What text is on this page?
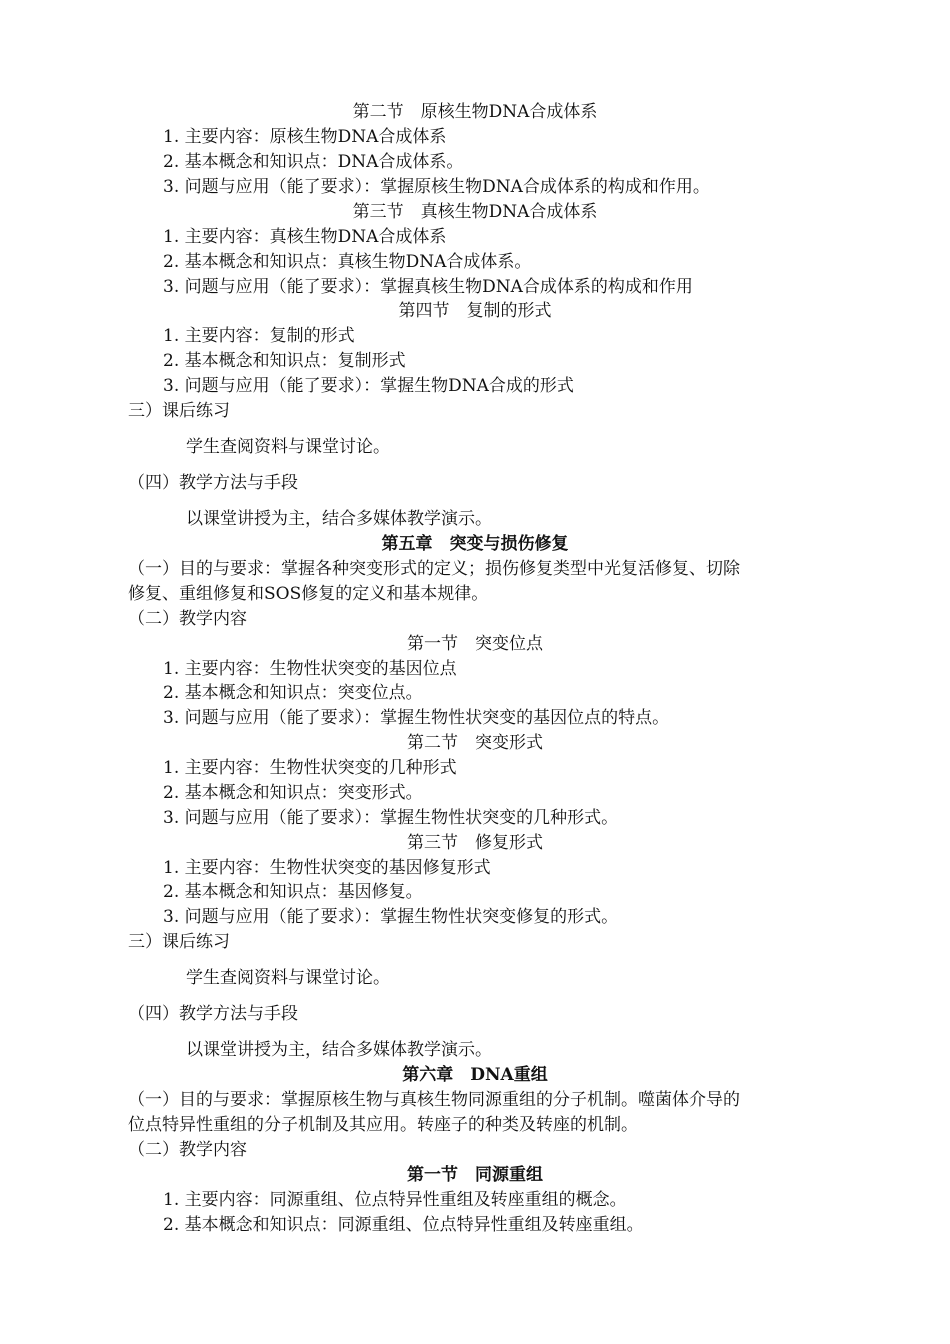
第二节　原核生物DNA合成体系
1. 主要内容：原核生物DNA合成体系
2. 基本概念和知识点：DNA合成体系。
3. 问题与应用（能了要求）：掌握原核生物DNA合成体系的构成和作用。
第三节　真核生物DNA合成体系
1. 主要内容：真核生物DNA合成体系
2. 基本概念和知识点：真核生物DNA合成体系。
3. 问题与应用（能了要求）：掌握真核生物DNA合成体系的构成和作用
第四节　复制的形式
1. 主要内容：复制的形式
2. 基本概念和知识点：复制形式
3. 问题与应用（能了要求）：掌握生物DNA合成的形式
三）课后练习
学生查阅资料与课堂讨论。
（四）教学方法与手段
以课堂讲授为主，结合多媒体教学演示。
第五章　突变与损伤修复
（一）目的与要求：掌握各种突变形式的定义；损伤修复类型中光复活修复、切除
修复、重组修复和SOS修复的定义和基本规律。
（二）教学内容
第一节　突变位点
1. 主要内容：生物性状突变的基因位点
2. 基本概念和知识点：突变位点。
3. 问题与应用（能了要求）：掌握生物性状突变的基因位点的特点。
第二节　突变形式
1. 主要内容：生物性状突变的几种形式
2. 基本概念和知识点：突变形式。
3. 问题与应用（能了要求）：掌握生物性状突变的几种形式。
第三节　修复形式
1. 主要内容：生物性状突变的基因修复形式
2. 基本概念和知识点：基因修复。
3. 问题与应用（能了要求）：掌握生物性状突变修复的形式。
三）课后练习
学生查阅资料与课堂讨论。
（四）教学方法与手段
以课堂讲授为主，结合多媒体教学演示。
第六章　DNA重组
（一）目的与要求：掌握原核生物与真核生物同源重组的分子机制。噬菌体介导的
位点特异性重组的分子机制及其应用。转座子的种类及转座的机制。
（二）教学内容
第一节　同源重组
1. 主要内容：同源重组、位点特异性重组及转座重组的概念。
2. 基本概念和知识点：同源重组、位点特异性重组及转座重组。
